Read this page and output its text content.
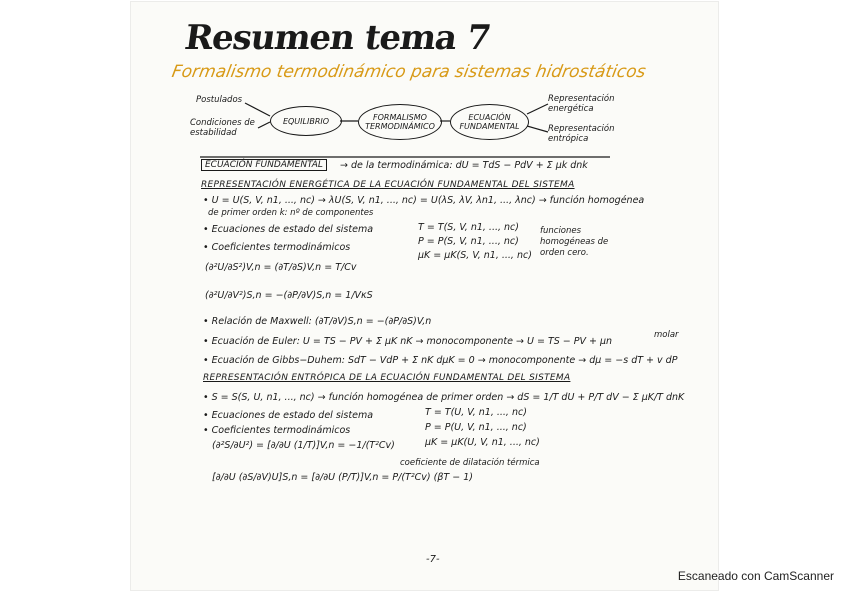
Resumen tema 7
Formalismo termodinámico para sistemas hidrostáticos
Postulados
Condiciones de estabilidad
EQUILIBRIO	FORMALISMO TERMODINÁMICO
ECUACIÓN FUNDAMENTAL
Representación energética
Representación entrópica
ECUACIÓN FUNDAMENTAL	→ de la termodinámica: dU = TdS − PdV + Σ μk dnk
REPRESENTACIÓN ENERGÉTICA DE LA ECUACIÓN FUNDAMENTAL DEL SISTEMA
• U = U(S, V, n1, ..., nc) → λU(S, V, n1, ..., nc) = U(λS, λV, λn1, ..., λnc) → función homogénea
de primer orden k: nº de componentes
• Ecuaciones de estado del sistema	T = T(S, V, n1, ..., nc)
P = P(S, V, n1, ..., nc)
μK = μK(S, V, n1, ..., nc)
funciones homogéneas de orden cero.
• Coeficientes termodinámicos
(∂²U/∂S²)V,n = (∂T/∂S)V,n = T/Cv
(∂²U/∂V²)S,n = −(∂P/∂V)S,n = 1/VκS
• Relación de Maxwell: (∂T/∂V)S,n = −(∂P/∂S)V,n
• Ecuación de Euler: U = TS − PV + Σ μK nK → monocomponente → U = TS − PV + μn
molar
• Ecuación de Gibbs−Duhem: SdT − VdP + Σ nK dμK = 0 → monocomponente → dμ = −s dT + v dP
REPRESENTACIÓN ENTRÓPICA DE LA ECUACIÓN FUNDAMENTAL DEL SISTEMA
• S = S(S, U, n1, ..., nc) → función homogénea de primer orden → dS = 1/T dU + P/T dV − Σ μK/T dnK
• Ecuaciones de estado del sistema	T = T(U, V, n1, ..., nc)
P = P(U, V, n1, ..., nc)
μK = μK(U, V, n1, ..., nc)
• Coeficientes termodinámicos
(∂²S/∂U²) = [∂/∂U (1/T)]V,n = −1/(T²Cv)
coeficiente de dilatación térmica
[∂/∂U (∂S/∂V)U]S,n = [∂/∂U (P/T)]V,n = P/(T²Cv) (βT − 1)
-7-
Escaneado con CamScanner
